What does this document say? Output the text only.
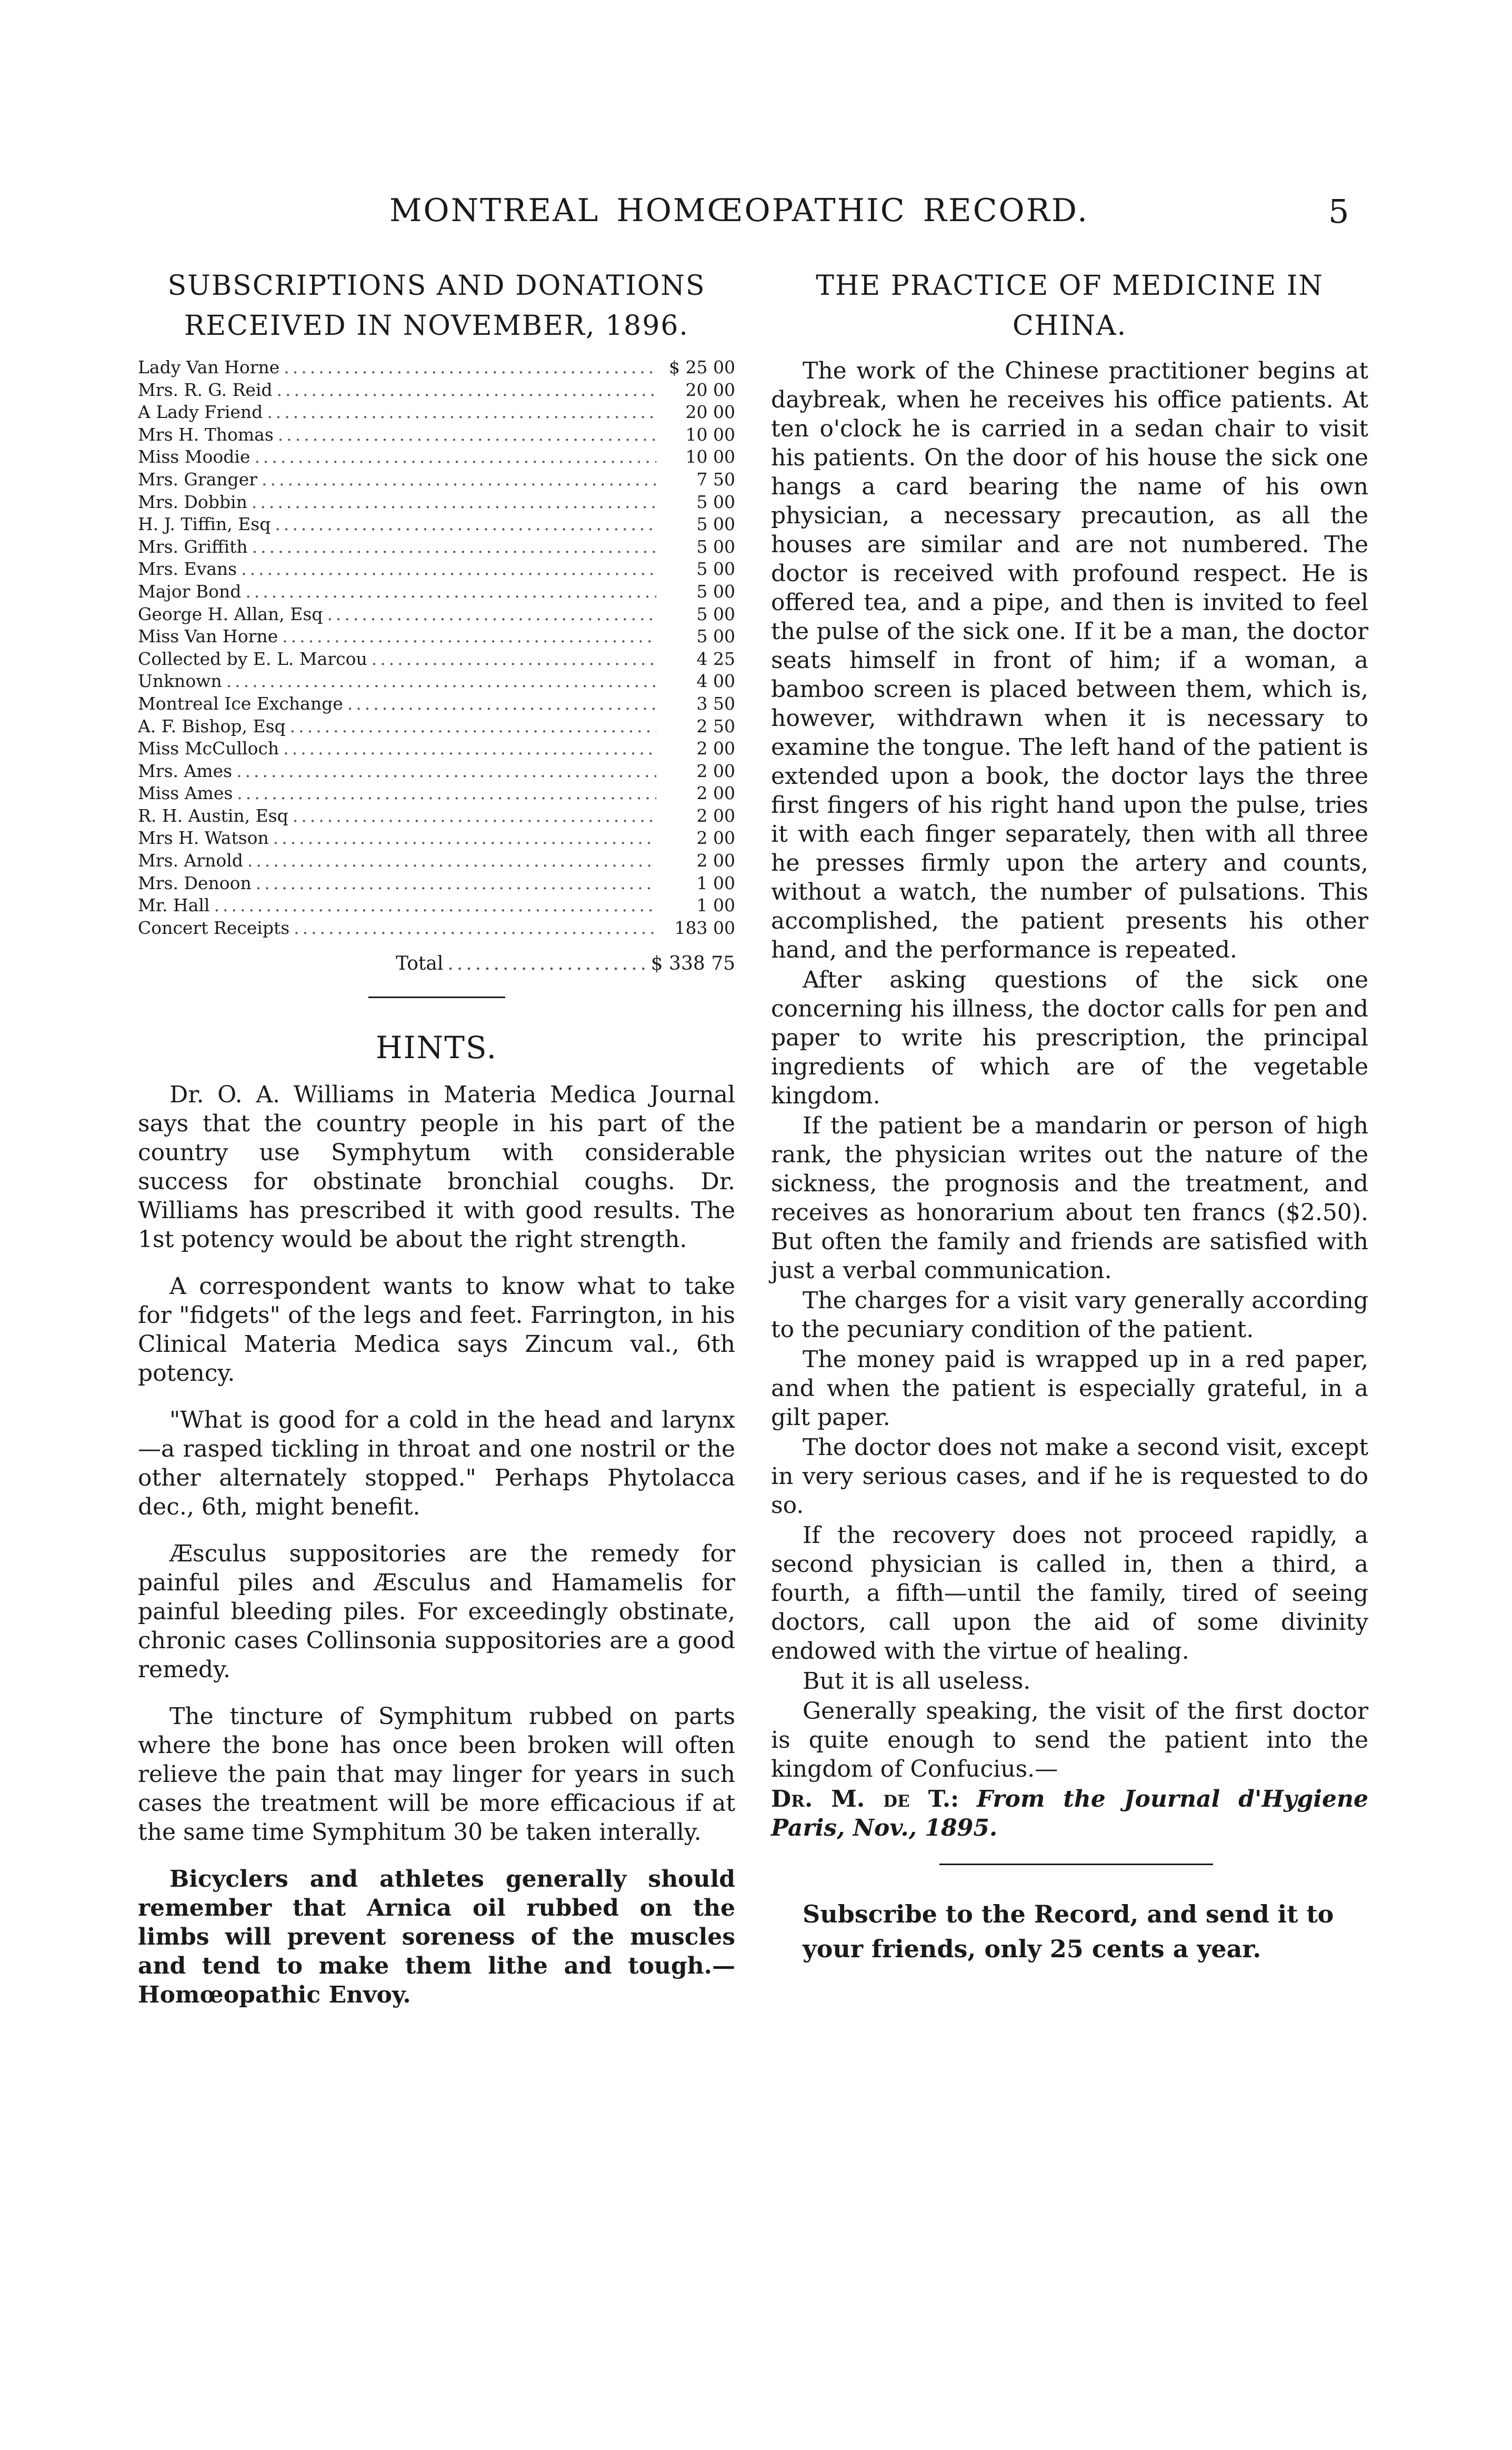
MONTREAL HOMŒOPATHIC RECORD.	5
SUBSCRIPTIONS AND DONATIONS RECEIVED IN NOVEMBER, 1896.
Lady Van Horne .....	$ 25 00
Mrs. R. G. Reid .....	20 00
A Lady Friend .....	20 00
Mrs H. Thomas .....	10 00
Miss Moodie .....	10 00
Mrs. Granger .....	7 50
Mrs. Dobbin .....	5 00
H. J. Tiffin, Esq .....	5 00
Mrs. Griffith .....	5 00
Mrs. Evans .....	5 00
Major Bond .....	5 00
George H. Allan, Esq .....	5 00
Miss Van Horne .....	5 00
Collected by E. L. Marcou .....	4 25
Unknown .....	4 00
Montreal Ice Exchange .....	3 50
A. F. Bishop, Esq .....	2 50
Miss McCulloch .....	2 00
Mrs. Ames .....	2 00
Miss Ames .....	2 00
R. H. Austin, Esq .....	2 00
Mrs H. Watson .....	2 00
Mrs. Arnold .....	2 00
Mrs. Denoon .....	1 00
Mr. Hall .....	1 00
Concert Receipts .....	183 00
Total .....	$ 338 75
HINTS.

Dr. O. A. Williams in Materia Medica Journal says that the country people in his part of the country use Symphytum with considerable success for obstinate bronchial coughs. Dr. Williams has prescribed it with good results. The 1st potency would be about the right strength.

A correspondent wants to know what to take for "fidgets" of the legs and feet. Farrington, in his Clinical Materia Medica says Zincum val., 6th potency.

"What is good for a cold in the head and larynx—a rasped tickling in throat and one nostril or the other alternately stopped." Perhaps Phytolacca dec., 6th, might benefit.

Æsculus suppositories are the remedy for painful piles and Æsculus and Hamamelis for painful bleeding piles. For exceedingly obstinate, chronic cases Collinsonia suppositories are a good remedy.

The tincture of Symphitum rubbed on parts where the bone has once been broken will often relieve the pain that may linger for years in such cases the treatment will be more efficacious if at the same time Symphitum 30 be taken interally.

Bicyclers and athletes generally should remember that Arnica oil rubbed on the limbs will prevent soreness of the muscles and tend to make them lithe and tough.—Homœopathic Envoy.

THE PRACTICE OF MEDICINE IN CHINA.

The work of the Chinese practitioner begins at daybreak, when he receives his office patients. At ten o'clock he is carried in a sedan chair to visit his patients. On the door of his house the sick one hangs a card bearing the name of his own physician, a necessary precaution, as all the houses are similar and are not numbered. The doctor is received with profound respect. He is offered tea, and a pipe, and then is invited to feel the pulse of the sick one. If it be a man, the doctor seats himself in front of him; if a woman, a bamboo screen is placed between them, which is, however, withdrawn when it is necessary to examine the tongue. The left hand of the patient is extended upon a book, the doctor lays the three first fingers of his right hand upon the pulse, tries it with each finger separately, then with all three he presses firmly upon the artery and counts, without a watch, the number of pulsations. This accomplished, the patient presents his other hand, and the performance is repeated.

After asking questions of the sick one concerning his illness, the doctor calls for pen and paper to write his prescription, the principal ingredients of which are of the vegetable kingdom.

If the patient be a mandarin or person of high rank, the physician writes out the nature of the sickness, the prognosis and the treatment, and receives as honorarium about ten francs ($2.50). But often the family and friends are satisfied with just a verbal communication.

The charges for a visit vary generally according to the pecuniary condition of the patient.

The money paid is wrapped up in a red paper, and when the patient is especially grateful, in a gilt paper.

The doctor does not make a second visit, except in very serious cases, and if he is requested to do so.

If the recovery does not proceed rapidly, a second physician is called in, then a third, a fourth, a fifth—until the family, tired of seeing doctors, call upon the aid of some divinity endowed with the virtue of healing.

But it is all useless.

Generally speaking, the visit of the first doctor is quite enough to send the patient into the kingdom of Confucius.—

Dr. M. de T.: From the Journal d'Hygiene Paris, Nov., 1895.

Subscribe to the Record, and send it to your friends, only 25 cents a year.
